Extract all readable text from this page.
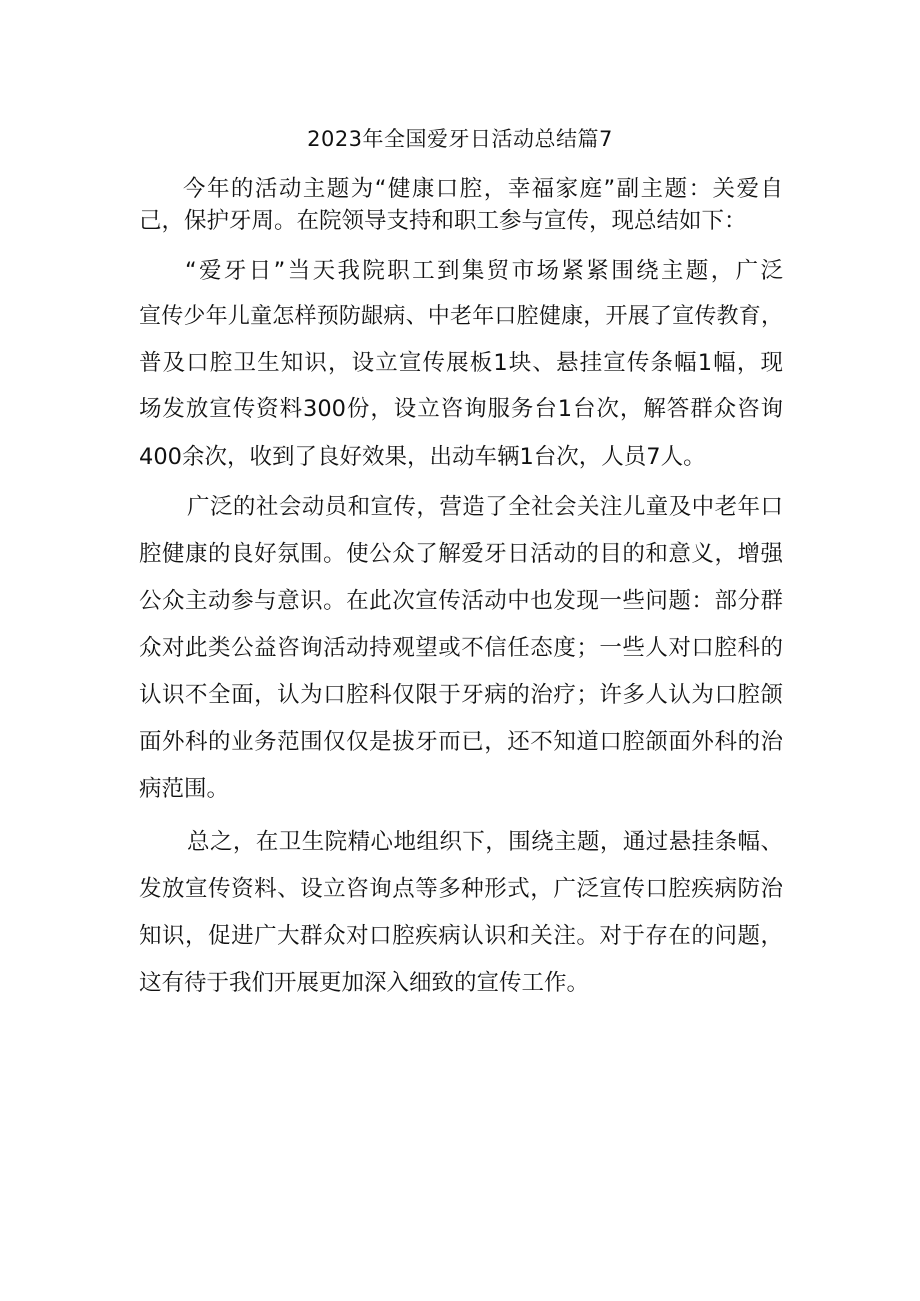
2023年全国爱牙日活动总结篇7
今年的活动主题为“健康口腔，幸福家庭”副主题：关爱自
己，保护牙周。在院领导支持和职工参与宣传，现总结如下：
“爱牙日”当天我院职工到集贸市场紧紧围绕主题，广泛
宣传少年儿童怎样预防龈病、中老年口腔健康，开展了宣传教育，
普及口腔卫生知识，设立宣传展板1块、悬挂宣传条幅1幅，现
场发放宣传资料300份，设立咨询服务台1台次，解答群众咨询
400余次，收到了良好效果，出动车辆1台次，人员7人。
广泛的社会动员和宣传，营造了全社会关注儿童及中老年口
腔健康的良好氛围。使公众了解爱牙日活动的目的和意义，增强
公众主动参与意识。在此次宣传活动中也发现一些问题：部分群
众对此类公益咨询活动持观望或不信任态度；一些人对口腔科的
认识不全面，认为口腔科仅限于牙病的治疗；许多人认为口腔颌
面外科的业务范围仅仅是拔牙而已，还不知道口腔颌面外科的治
病范围。
总之，在卫生院精心地组织下，围绕主题，通过悬挂条幅、
发放宣传资料、设立咨询点等多种形式，广泛宣传口腔疾病防治
知识，促进广大群众对口腔疾病认识和关注。对于存在的问题，
这有待于我们开展更加深入细致的宣传工作。
